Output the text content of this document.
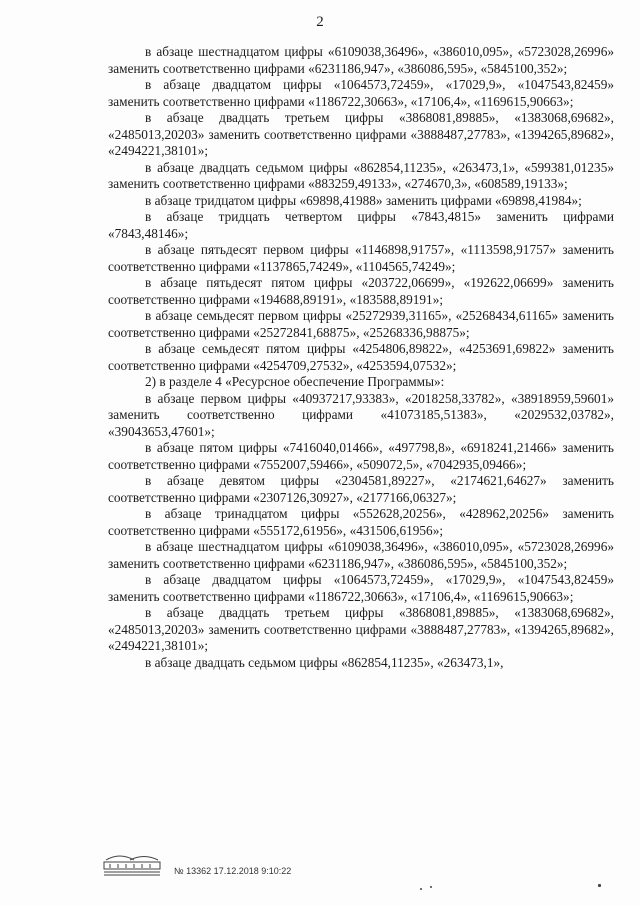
2

в абзаце шестнадцатом цифры «6109038,36496», «386010,095», «5723028,26996» заменить соответственно цифрами «6231186,947», «386086,595», «5845100,352»;

в абзаце двадцатом цифры «1064573,72459», «17029,9», «1047543,82459» заменить соответственно цифрами «1186722,30663», «17106,4», «1169615,90663»;

в абзаце двадцать третьем цифры «3868081,89885», «1383068,69682», «2485013,20203» заменить соответственно цифрами «3888487,27783», «1394265,89682», «2494221,38101»;

в абзаце двадцать седьмом цифры «862854,11235», «263473,1», «599381,01235» заменить соответственно цифрами «883259,49133», «274670,3», «608589,19133»;

в абзаце тридцатом цифры «69898,41988» заменить цифрами «69898,41984»;

в абзаце тридцать четвертом цифры «7843,4815» заменить цифрами «7843,48146»;

в абзаце пятьдесят первом цифры «1146898,91757», «1113598,91757» заменить соответственно цифрами «1137865,74249», «1104565,74249»;

в абзаце пятьдесят пятом цифры «203722,06699», «192622,06699» заменить соответственно цифрами «194688,89191», «183588,89191»;

в абзаце семьдесят первом цифры «25272939,31165», «25268434,61165» заменить соответственно цифрами «25272841,68875», «25268336,98875»;

в абзаце семьдесят пятом цифры «4254806,89822», «4253691,69822» заменить соответственно цифрами «4254709,27532», «4253594,07532»;

2) в разделе 4 «Ресурсное обеспечение Программы»:

в абзаце первом цифры «40937217,93383», «2018258,33782», «38918959,59601» заменить соответственно цифрами «41073185,51383», «2029532,03782», «39043653,47601»;

в абзаце пятом цифры «7416040,01466», «497798,8», «6918241,21466» заменить соответственно цифрами «7552007,59466», «509072,5», «7042935,09466»;

в абзаце девятом цифры «2304581,89227», «2174621,64627» заменить соответственно цифрами «2307126,30927», «2177166,06327»;

в абзаце тринадцатом цифры «552628,20256», «428962,20256» заменить соответственно цифрами «555172,61956», «431506,61956»;

в абзаце шестнадцатом цифры «6109038,36496», «386010,095», «5723028,26996» заменить соответственно цифрами «6231186,947», «386086,595», «5845100,352»;

в абзаце двадцатом цифры «1064573,72459», «17029,9», «1047543,82459» заменить соответственно цифрами «1186722,30663», «17106,4», «1169615,90663»;

в абзаце двадцать третьем цифры «3868081,89885», «1383068,69682», «2485013,20203» заменить соответственно цифрами «3888487,27783», «1394265,89682», «2494221,38101»;

в абзаце двадцать седьмом цифры «862854,11235», «263473,1»,

№ 13362 17.12.2018 9:10:22
